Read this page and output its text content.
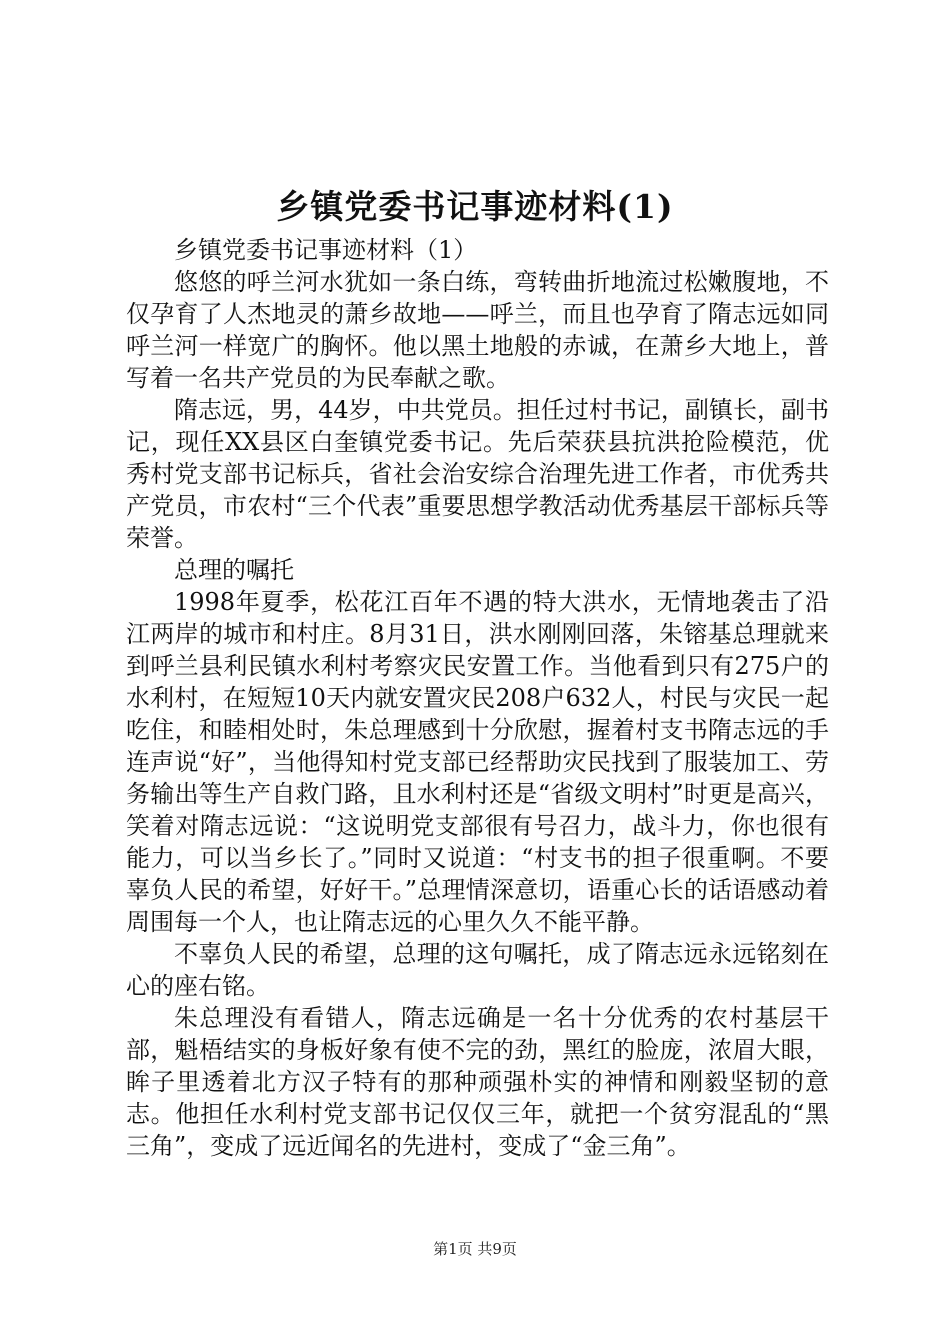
乡镇党委书记事迹材料(1)

乡镇党委书记事迹材料（1）

悠悠的呼兰河水犹如一条白练，弯转曲折地流过松嫩腹地，不仅孕育了人杰地灵的萧乡故地——呼兰，而且也孕育了隋志远如同呼兰河一样宽广的胸怀。他以黑土地般的赤诚，在萧乡大地上，普写着一名共产党员的为民奉献之歌。

隋志远，男，44岁，中共党员。担任过村书记，副镇长，副书记，现任XX县区白奎镇党委书记。先后荣获县抗洪抢险模范，优秀村党支部书记标兵，省社会治安综合治理先进工作者，市优秀共产党员，市农村“三个代表”重要思想学教活动优秀基层干部标兵等荣誉。

总理的嘱托

1998年夏季，松花江百年不遇的特大洪水，无情地袭击了沿江两岸的城市和村庄。8月31日，洪水刚刚回落，朱镕基总理就来到呼兰县利民镇水利村考察灾民安置工作。当他看到只有275户的水利村，在短短10天内就安置灾民208户632人，村民与灾民一起吃住，和睦相处时，朱总理感到十分欣慰，握着村支书隋志远的手连声说“好”，当他得知村党支部已经帮助灾民找到了服装加工、劳务输出等生产自救门路，且水利村还是“省级文明村”时更是高兴，笑着对隋志远说：“这说明党支部很有号召力，战斗力，你也很有能力，可以当乡长了。”同时又说道：“村支书的担子很重啊。不要辜负人民的希望，好好干。”总理情深意切，语重心长的话语感动着周围每一个人，也让隋志远的心里久久不能平静。

不辜负人民的希望，总理的这句嘱托，成了隋志远永远铭刻在心的座右铭。

朱总理没有看错人，隋志远确是一名十分优秀的农村基层干部，魁梧结实的身板好象有使不完的劲，黑红的脸庞，浓眉大眼，眸子里透着北方汉子特有的那种顽强朴实的神情和刚毅坚韧的意志。他担任水利村党支部书记仅仅三年，就把一个贫穷混乱的“黑三角”，变成了远近闻名的先进村，变成了“金三角”。

第1页 共9页
